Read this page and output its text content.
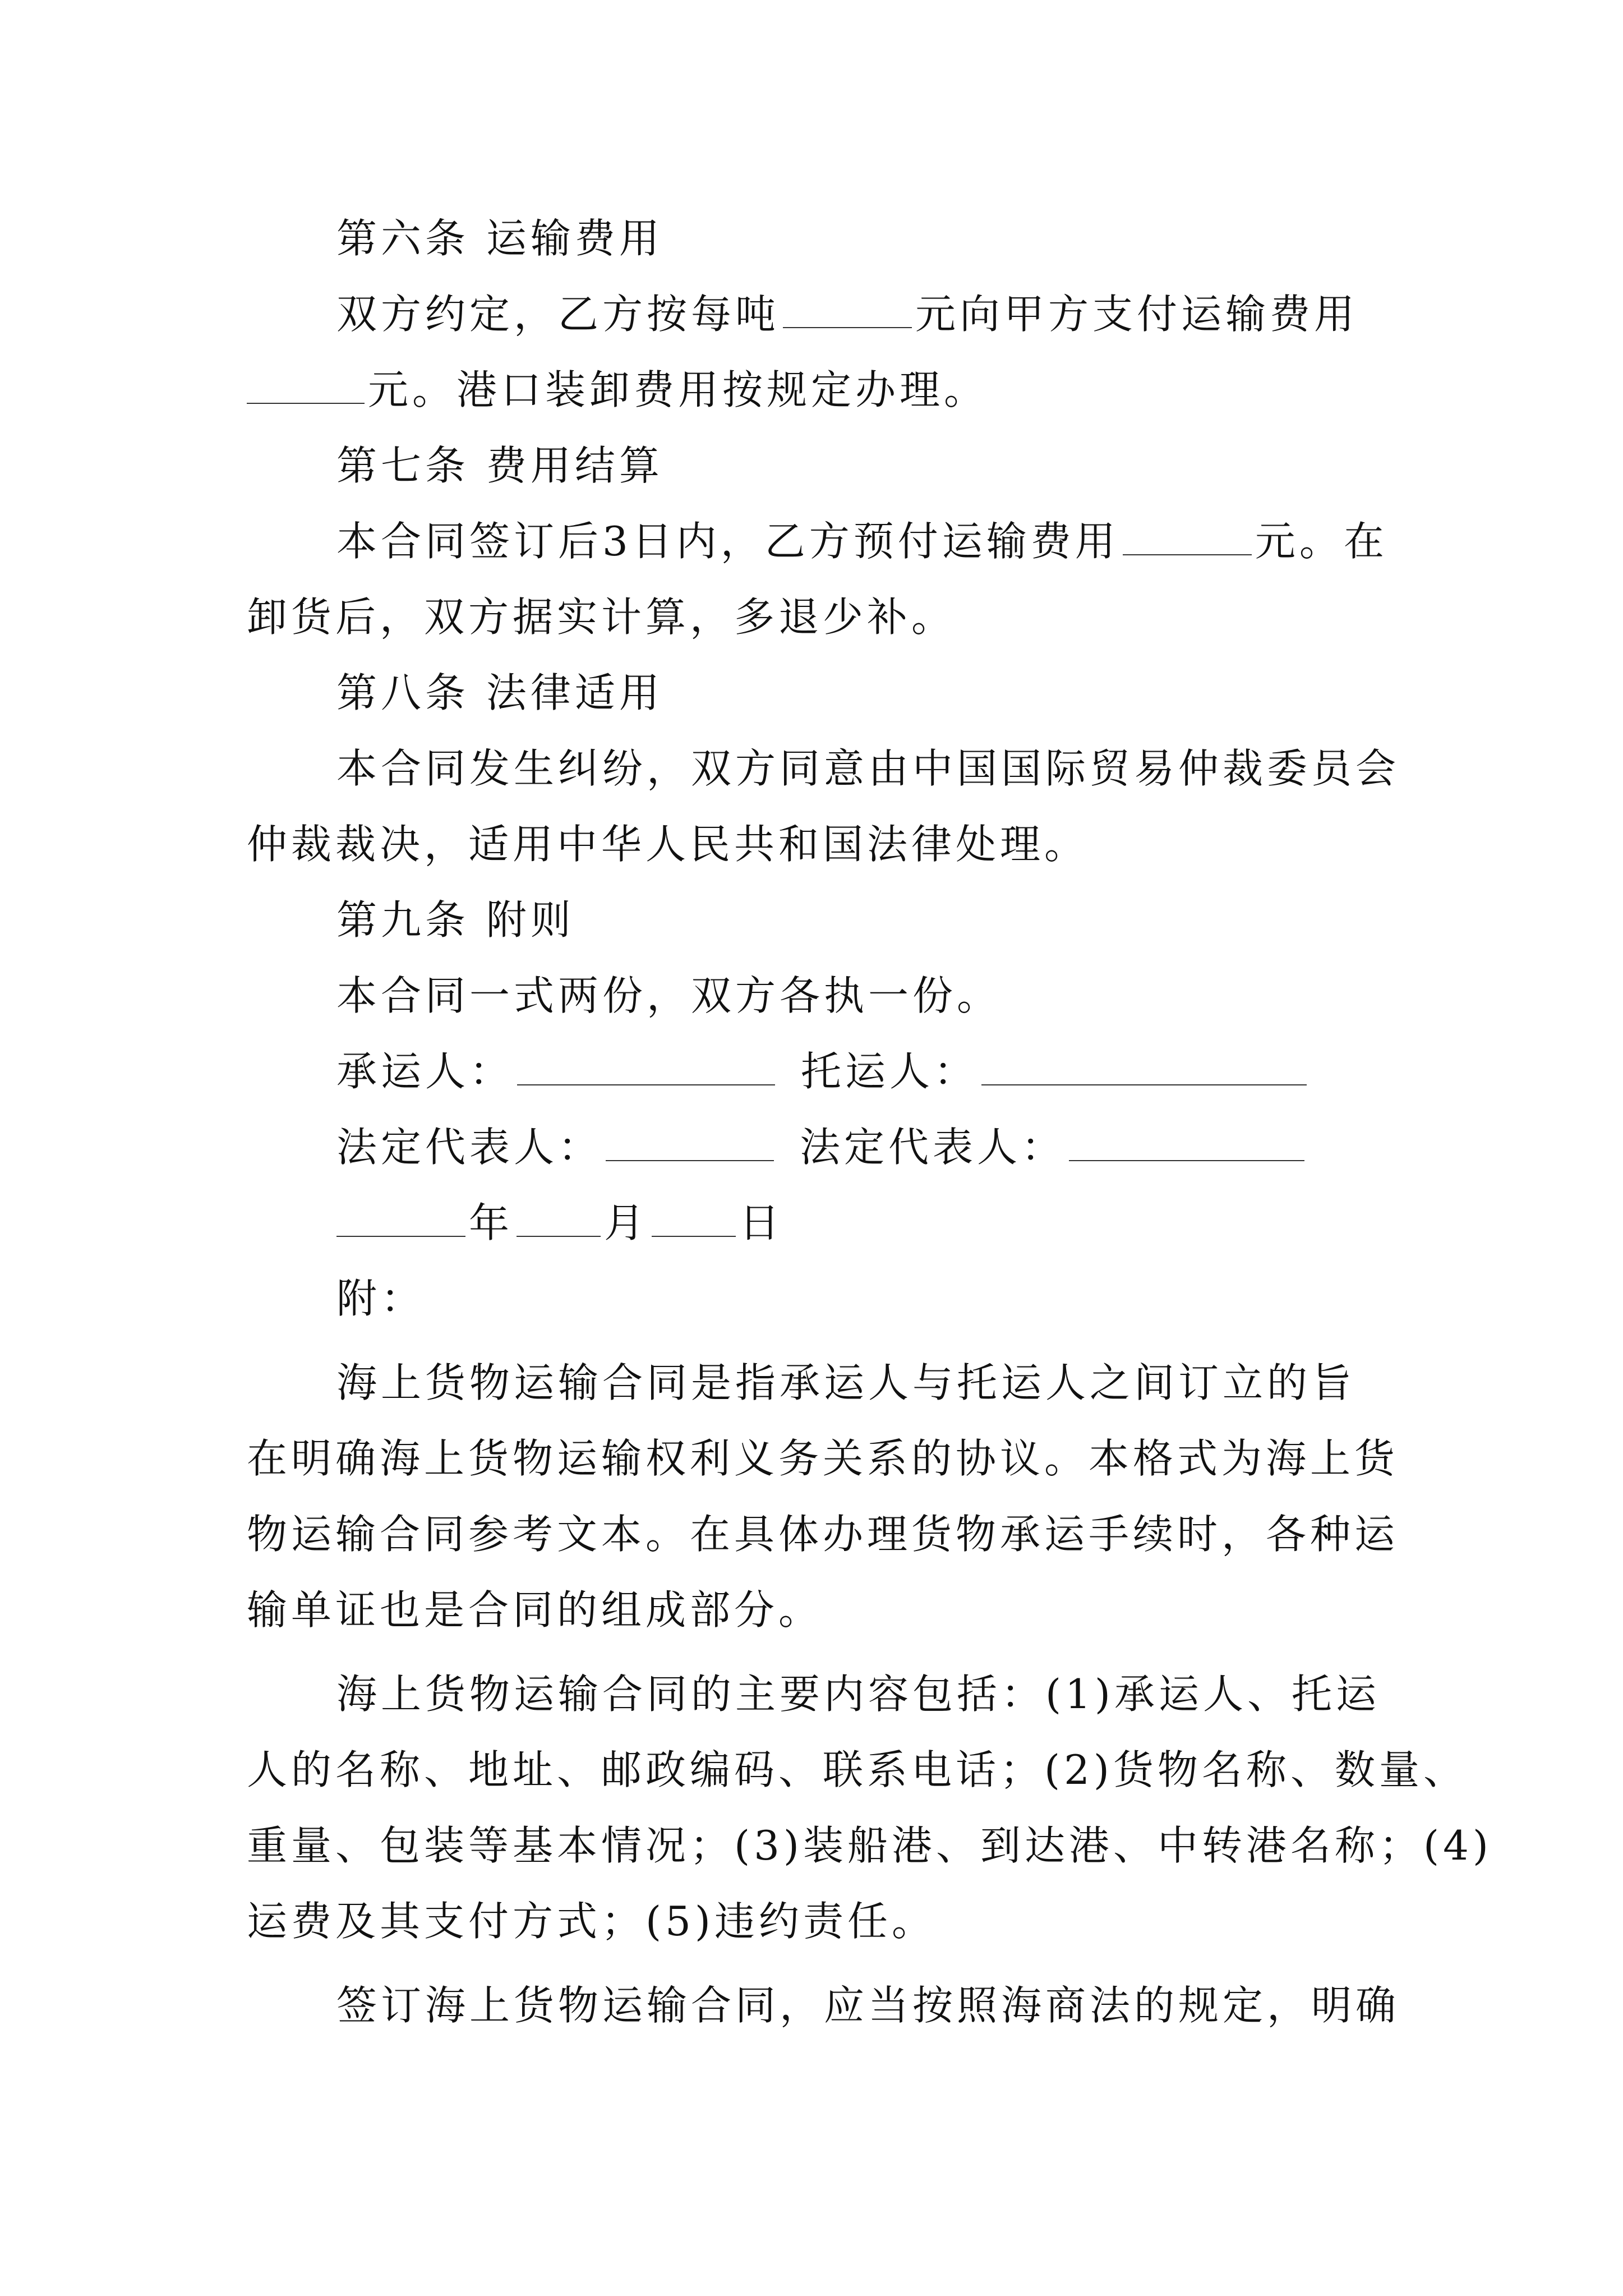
第六条 运输费用
双方约定，乙方按每吨	元向甲方支付运输费用
元。港口装卸费用按规定办理。
第七条 费用结算
本合同签订后3日内，乙方预付运输费用	元。在
卸货后，双方据实计算，多退少补。
第八条 法律适用
本合同发生纠纷，双方同意由中国国际贸易仲裁委员会
仲裁裁决，适用中华人民共和国法律处理。
第九条 附则
本合同一式两份，双方各执一份。
承运人：	托运人：
法定代表人：	法定代表人：
年 月 日
附：
海上货物运输合同是指承运人与托运人之间订立的旨
在明确海上货物运输权利义务关系的协议。本格式为海上货
物运输合同参考文本。在具体办理货物承运手续时，各种运
输单证也是合同的组成部分。
海上货物运输合同的主要内容包括：(1)承运人、托运
人的名称、地址、邮政编码、联系电话；(2)货物名称、数量、
重量、包装等基本情况；(3)装船港、到达港、中转港名称；(4)
运费及其支付方式；(5)违约责任。
签订海上货物运输合同，应当按照海商法的规定，明确
